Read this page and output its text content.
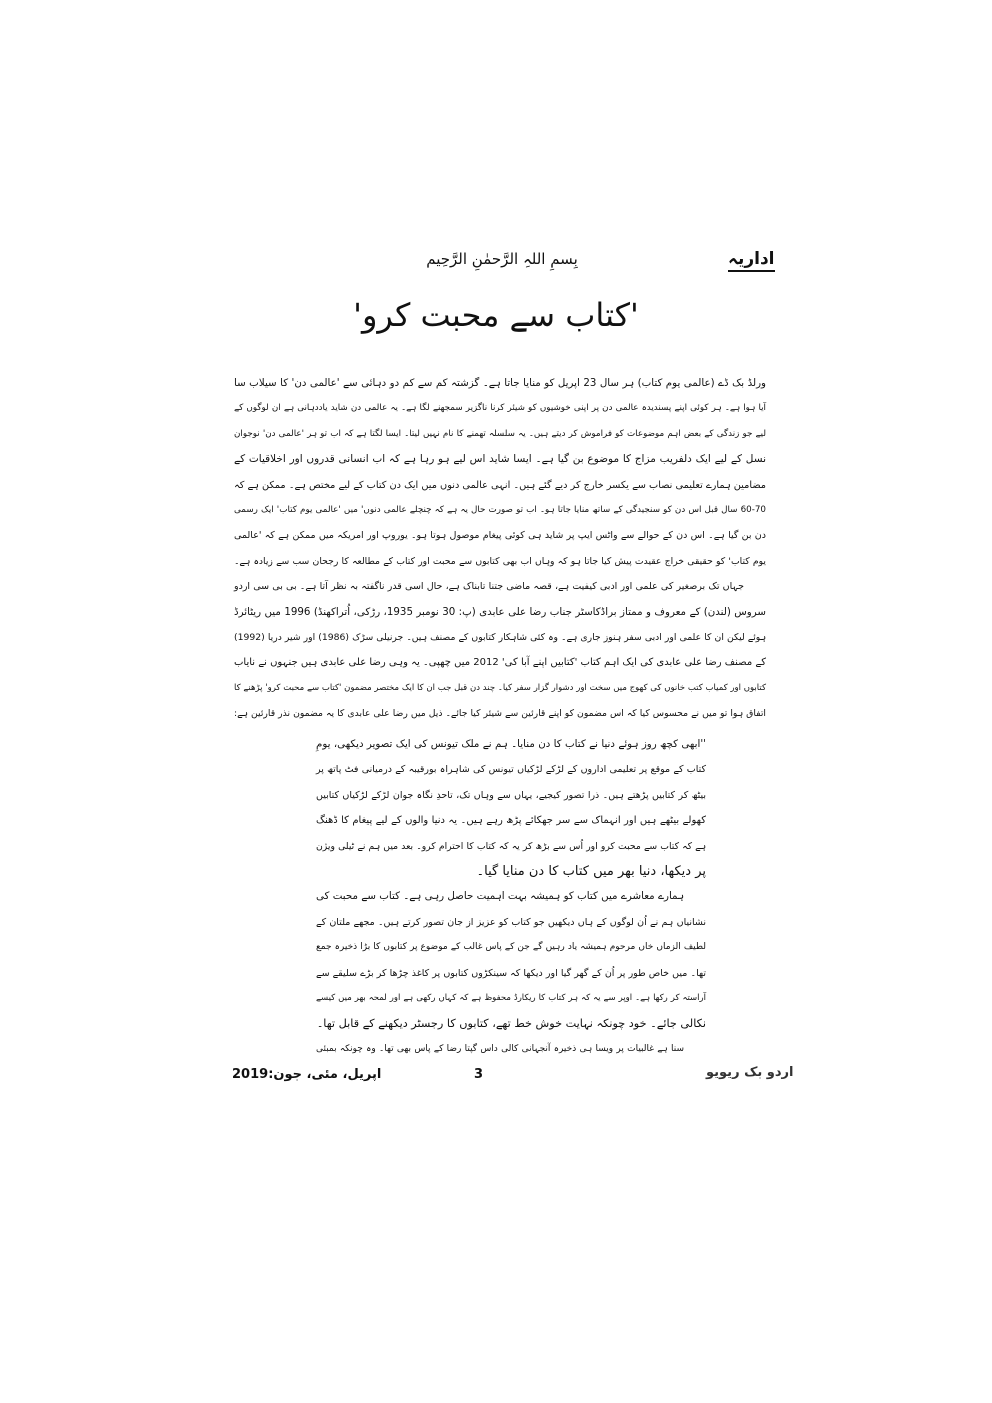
اداریہ
بِسمِ اللہِ الرَّحمٰنِ الرَّحِیم
'کتاب سے محبت کرو'
ورلڈ بک ڈے (عالمی یوم کتاب) ہر سال 23 اپریل کو منایا جاتا ہے۔ گزشتہ کم سے کم دو دہائی سے 'عالمی دن' کا سیلاب سا
آیا ہوا ہے۔ ہر کوئی اپنے پسندیدہ عالمی دن پر اپنی خوشیوں کو شیئر کرنا ناگزیر سمجھنے لگا ہے۔ یہ عالمی دن شاید یاددہانی ہے ان لوگوں کے
لیے جو زندگی کے بعض اہم موضوعات کو فراموش کر دیتے ہیں۔ یہ سلسلہ تھمنے کا نام نہیں لیتا۔ ایسا لگتا ہے کہ اب تو ہر 'عالمی دن' نوجوان
نسل کے لیے ایک دلفریب مزاج کا موضوع بن گیا ہے۔ ایسا شاید اس لیے ہو رہا ہے کہ اب انسانی قدروں اور اخلاقیات کے
مضامین ہمارے تعلیمی نصاب سے یکسر خارج کر دیے گئے ہیں۔ انہی عالمی دنوں میں ایک دن کتاب کے لیے مختص ہے۔ ممکن ہے کہ
60-70 سال قبل اس دن کو سنجیدگی کے ساتھ منایا جاتا ہو۔ اب تو صورت حال یہ ہے کہ چنچلے عالمی دنوں' میں 'عالمی یوم کتاب' ایک رسمی
دن بن گیا ہے۔ اس دن کے حوالے سے واٹس ایپ پر شاید ہی کوئی پیغام موصول ہوتا ہو۔ یوروپ اور امریکہ میں ممکن ہے کہ 'عالمی
یوم کتاب' کو حقیقی خراج عقیدت پیش کیا جاتا ہو کہ وہاں اب بھی کتابوں سے محبت اور کتاب کے مطالعہ کا رجحان سب سے زیادہ ہے۔
جہاں تک برصغیر کی علمی اور ادبی کیفیت ہے، قصہ ماضی جتنا تابناک ہے، حال اسی قدر ناگفتہ بہ نظر آتا ہے۔ بی بی سی اردو
سروس (لندن) کے معروف و ممتاز براڈکاسٹر جناب رضا علی عابدی (پ: 30 نومبر 1935، رڑکی، اُتراکھنڈ) 1996 میں ریٹائرڈ
ہوئے لیکن ان کا علمی اور ادبی سفر ہنوز جاری ہے۔ وہ کئی شاہکار کتابوں کے مصنف ہیں۔ جرنیلی سڑک (1986) اور شیر دریا (1992)
کے مصنف رضا علی عابدی کی ایک اہم کتاب 'کتابیں اپنے آبا کی' 2012 میں چھپی۔ یہ وہی رضا علی عابدی ہیں جنہوں نے نایاب
کتابوں اور کمیاب کتب خانوں کی کھوج میں سخت اور دشوار گزار سفر کیا۔ چند دن قبل جب ان کا ایک مختصر مضمون 'کتاب سے محبت کرو' پڑھنے کا
اتفاق ہوا تو میں نے محسوس کیا کہ اس مضمون کو اپنے قارئین سے شیئر کیا جائے۔ ذیل میں رضا علی عابدی کا یہ مضمون نذر قارئین ہے:
''ابھی کچھ روز ہوئے دنیا نے کتاب کا دن منایا۔ ہم نے ملک تیونس کی ایک تصویر دیکھی، یومِ
کتاب کے موقع پر تعلیمی اداروں کے لڑکے لڑکیاں تیونس کی شاہراہ بورقیبہ کے درمیانی فٹ پاتھ پر
بیٹھ کر کتابیں پڑھتے ہیں۔ ذرا تصور کیجیے، یہاں سے وہاں تک، تاحدِ نگاہ جوان لڑکے لڑکیاں کتابیں
کھولے بیٹھے ہیں اور انہماک سے سر جھکائے پڑھ رہے ہیں۔ یہ دنیا والوں کے لیے پیغام کا ڈھنگ
ہے کہ کتاب سے محبت کرو اور اُس سے بڑھ کر یہ کہ کتاب کا احترام کرو۔ بعد میں ہم نے ٹیلی ویژن
پر دیکھا، دنیا بھر میں کتاب کا دن منایا گیا۔
ہمارے معاشرے میں کتاب کو ہمیشہ بہت اہمیت حاصل رہی ہے۔ کتاب سے محبت کی
نشانیاں ہم نے اُن لوگوں کے ہاں دیکھیں جو کتاب کو عزیز از جان تصور کرتے ہیں۔ مجھے ملتان کے
لطیف الزماں خاں مرحوم ہمیشہ یاد رہیں گے جن کے پاس غالب کے موضوع پر کتابوں کا بڑا ذخیرہ جمع
تھا۔ میں خاص طور پر اُن کے گھر گیا اور دیکھا کہ سینکڑوں کتابوں پر کاغذ چڑھا کر بڑے سلیقے سے
آراستہ کر رکھا ہے۔ اوپر سے یہ کہ ہر کتاب کا ریکارڈ محفوظ ہے کہ کہاں رکھی ہے اور لمحہ بھر میں کیسے
نکالی جائے۔ خود چونکہ نہایت خوش خط تھے، کتابوں کا رجسٹر دیکھنے کے قابل تھا۔
سنا ہے غالبیات پر ویسا ہی ذخیرہ آنجہانی کالی داس گپتا رضا کے پاس بھی تھا۔ وہ چونکہ بمبئی
اپریل، مئی، جون:2019	3	اردو بک ریویو
